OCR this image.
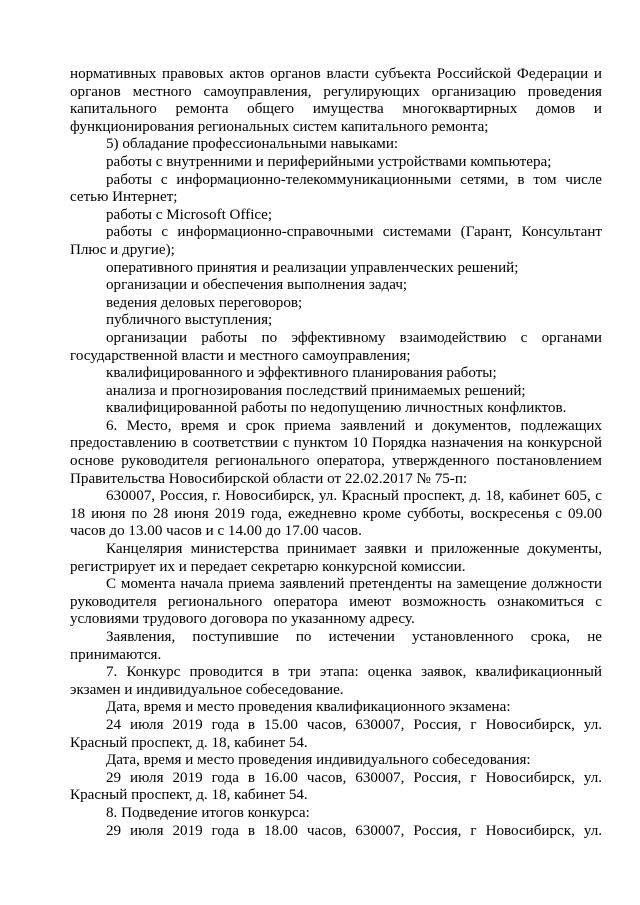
нормативных правовых актов органов власти субъекта Российской Федерации и органов местного самоуправления, регулирующих организацию проведения капитального ремонта общего имущества многоквартирных домов и функционирования региональных систем капитального ремонта;

5) обладание профессиональными навыками:

работы с внутренними и периферийными устройствами компьютера;

работы с информационно-телекоммуникационными сетями, в том числе сетью Интернет;

работы с Microsoft Office;

работы с информационно-справочными системами (Гарант, Консультант Плюс и другие);

оперативного принятия и реализации управленческих решений;

организации и обеспечения выполнения задач;

ведения деловых переговоров;

публичного выступления;

организации работы по эффективному взаимодействию с органами государственной власти и местного самоуправления;

квалифицированного и эффективного планирования работы;

анализа и прогнозирования последствий принимаемых решений;

квалифицированной работы по недопущению личностных конфликтов.

6. Место, время и срок приема заявлений и документов, подлежащих предоставлению в соответствии с пунктом 10 Порядка назначения на конкурсной основе руководителя регионального оператора, утвержденного постановлением Правительства Новосибирской области от 22.02.2017 № 75-п:

630007, Россия, г. Новосибирск, ул. Красный проспект, д. 18, кабинет 605, с 18 июня по 28 июня 2019 года, ежедневно кроме субботы, воскресенья с 09.00 часов до 13.00 часов и с 14.00 до 17.00 часов.

Канцелярия министерства принимает заявки и приложенные документы, регистрирует их и передает секретарю конкурсной комиссии.

С момента начала приема заявлений претенденты на замещение должности руководителя регионального оператора имеют возможность ознакомиться с условиями трудового договора по указанному адресу.

Заявления, поступившие по истечении установленного срока, не принимаются.

7. Конкурс проводится в три этапа: оценка заявок, квалификационный экзамен и индивидуальное собеседование.

Дата, время и место проведения квалификационного экзамена:

24 июля 2019 года в 15.00 часов, 630007, Россия, г Новосибирск, ул. Красный проспект, д. 18, кабинет 54.

Дата, время и место проведения индивидуального собеседования:

29 июля 2019 года в 16.00 часов, 630007, Россия, г Новосибирск, ул. Красный проспект, д. 18, кабинет 54.

8. Подведение итогов конкурса:

29 июля 2019 года в 18.00 часов, 630007, Россия, г Новосибирск, ул.
